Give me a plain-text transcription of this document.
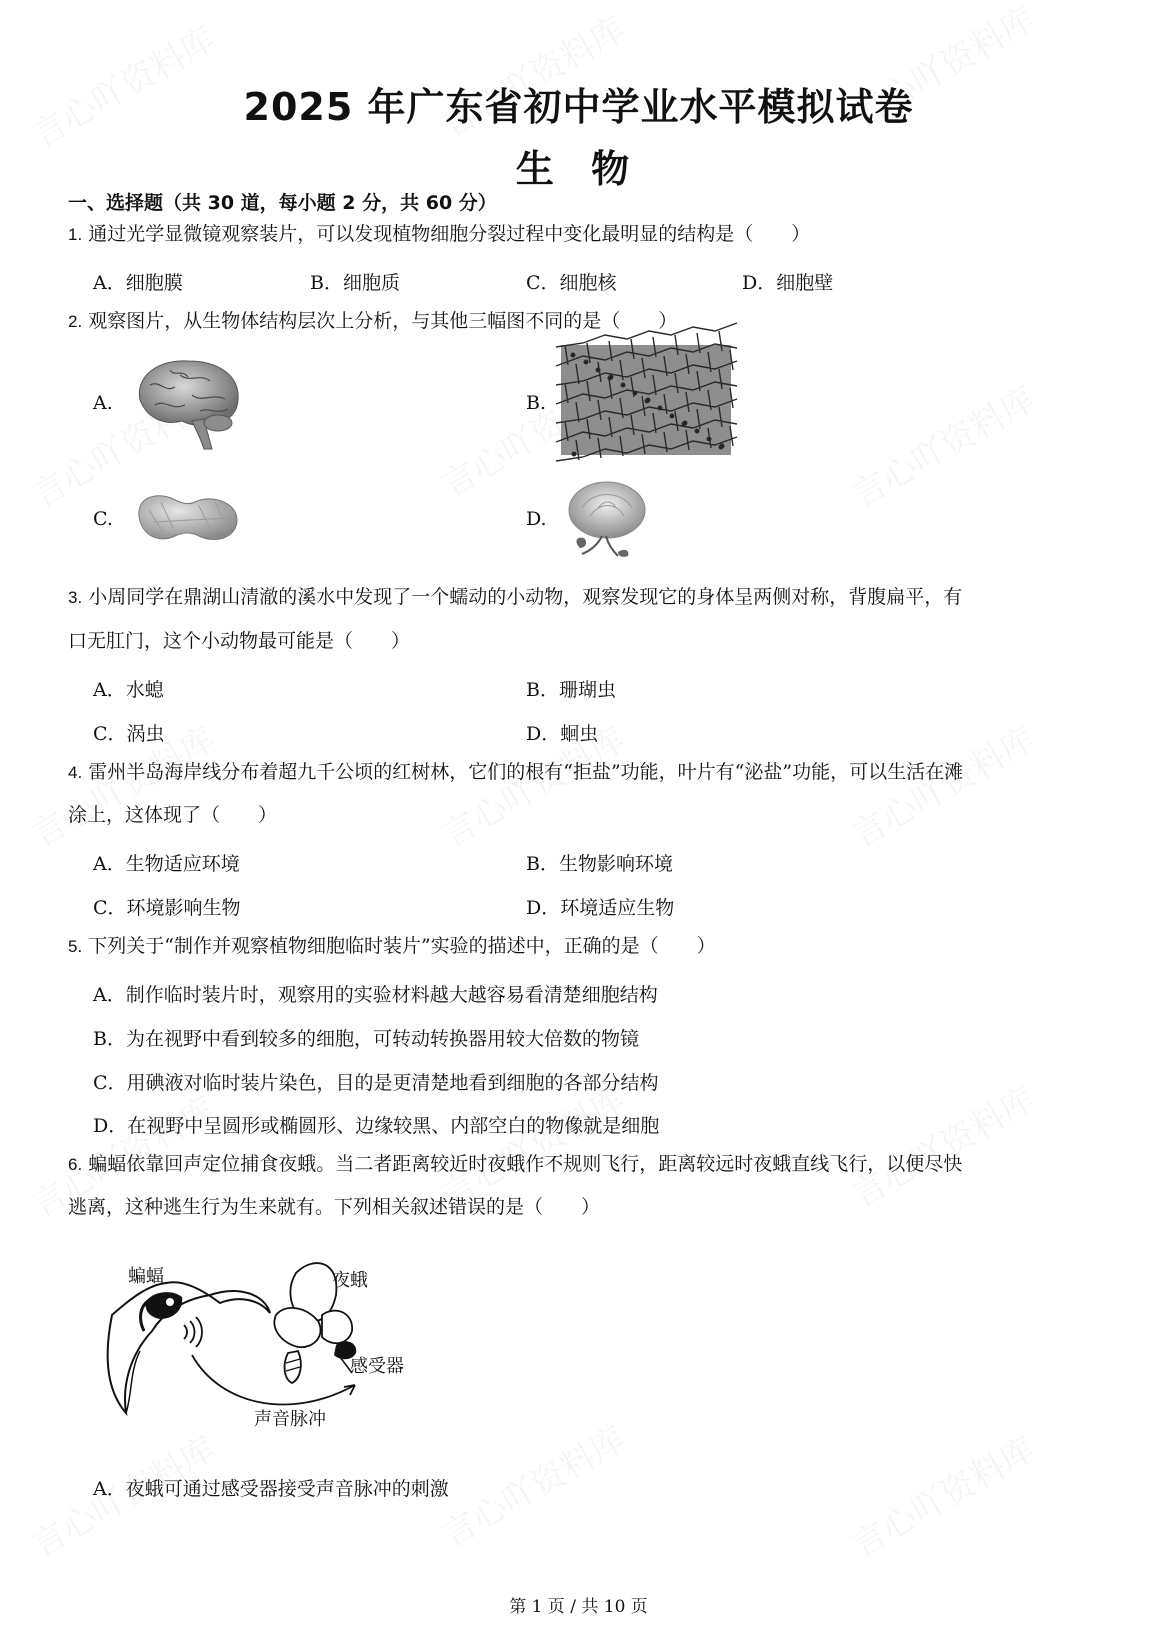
2025 年广东省初中学业水平模拟试卷
生 物
一、选择题（共 30 道，每小题 2 分，共 60 分）
1. 通过光学显微镜观察装片，可以发现植物细胞分裂过程中变化最明显的结构是（　　）
A．细胞膜	B．细胞质	C．细胞核	D．细胞壁
2. 观察图片，从生物体结构层次上分析，与其他三幅图不同的是（　　）
A.	B.
C.	D.
3. 小周同学在鼎湖山清澈的溪水中发现了一个蠕动的小动物，观察发现它的身体呈两侧对称，背腹扁平，有
口无肛门，这个小动物最可能是（　　）
A．水螅	B．珊瑚虫
C．涡虫	D．蛔虫
4. 雷州半岛海岸线分布着超九千公顷的红树林，它们的根有“拒盐”功能，叶片有“泌盐”功能，可以生活在滩
涂上，这体现了（　　）
A．生物适应环境	B．生物影响环境
C．环境影响生物	D．环境适应生物
5. 下列关于“制作并观察植物细胞临时装片”实验的描述中，正确的是（　　）
A．制作临时装片时，观察用的实验材料越大越容易看清楚细胞结构
B．为在视野中看到较多的细胞，可转动转换器用较大倍数的物镜
C．用碘液对临时装片染色，目的是更清楚地看到细胞的各部分结构
D．在视野中呈圆形或椭圆形、边缘较黑、内部空白的物像就是细胞
6. 蝙蝠依靠回声定位捕食夜蛾。当二者距离较近时夜蛾作不规则飞行，距离较远时夜蛾直线飞行，以便尽快
逃离，这种逃生行为生来就有。下列相关叙述错误的是（　　）
蝙蝠	夜蛾
感受器
声音脉冲
A．夜蛾可通过感受器接受声音脉冲的刺激
第 1 页 / 共 10 页
